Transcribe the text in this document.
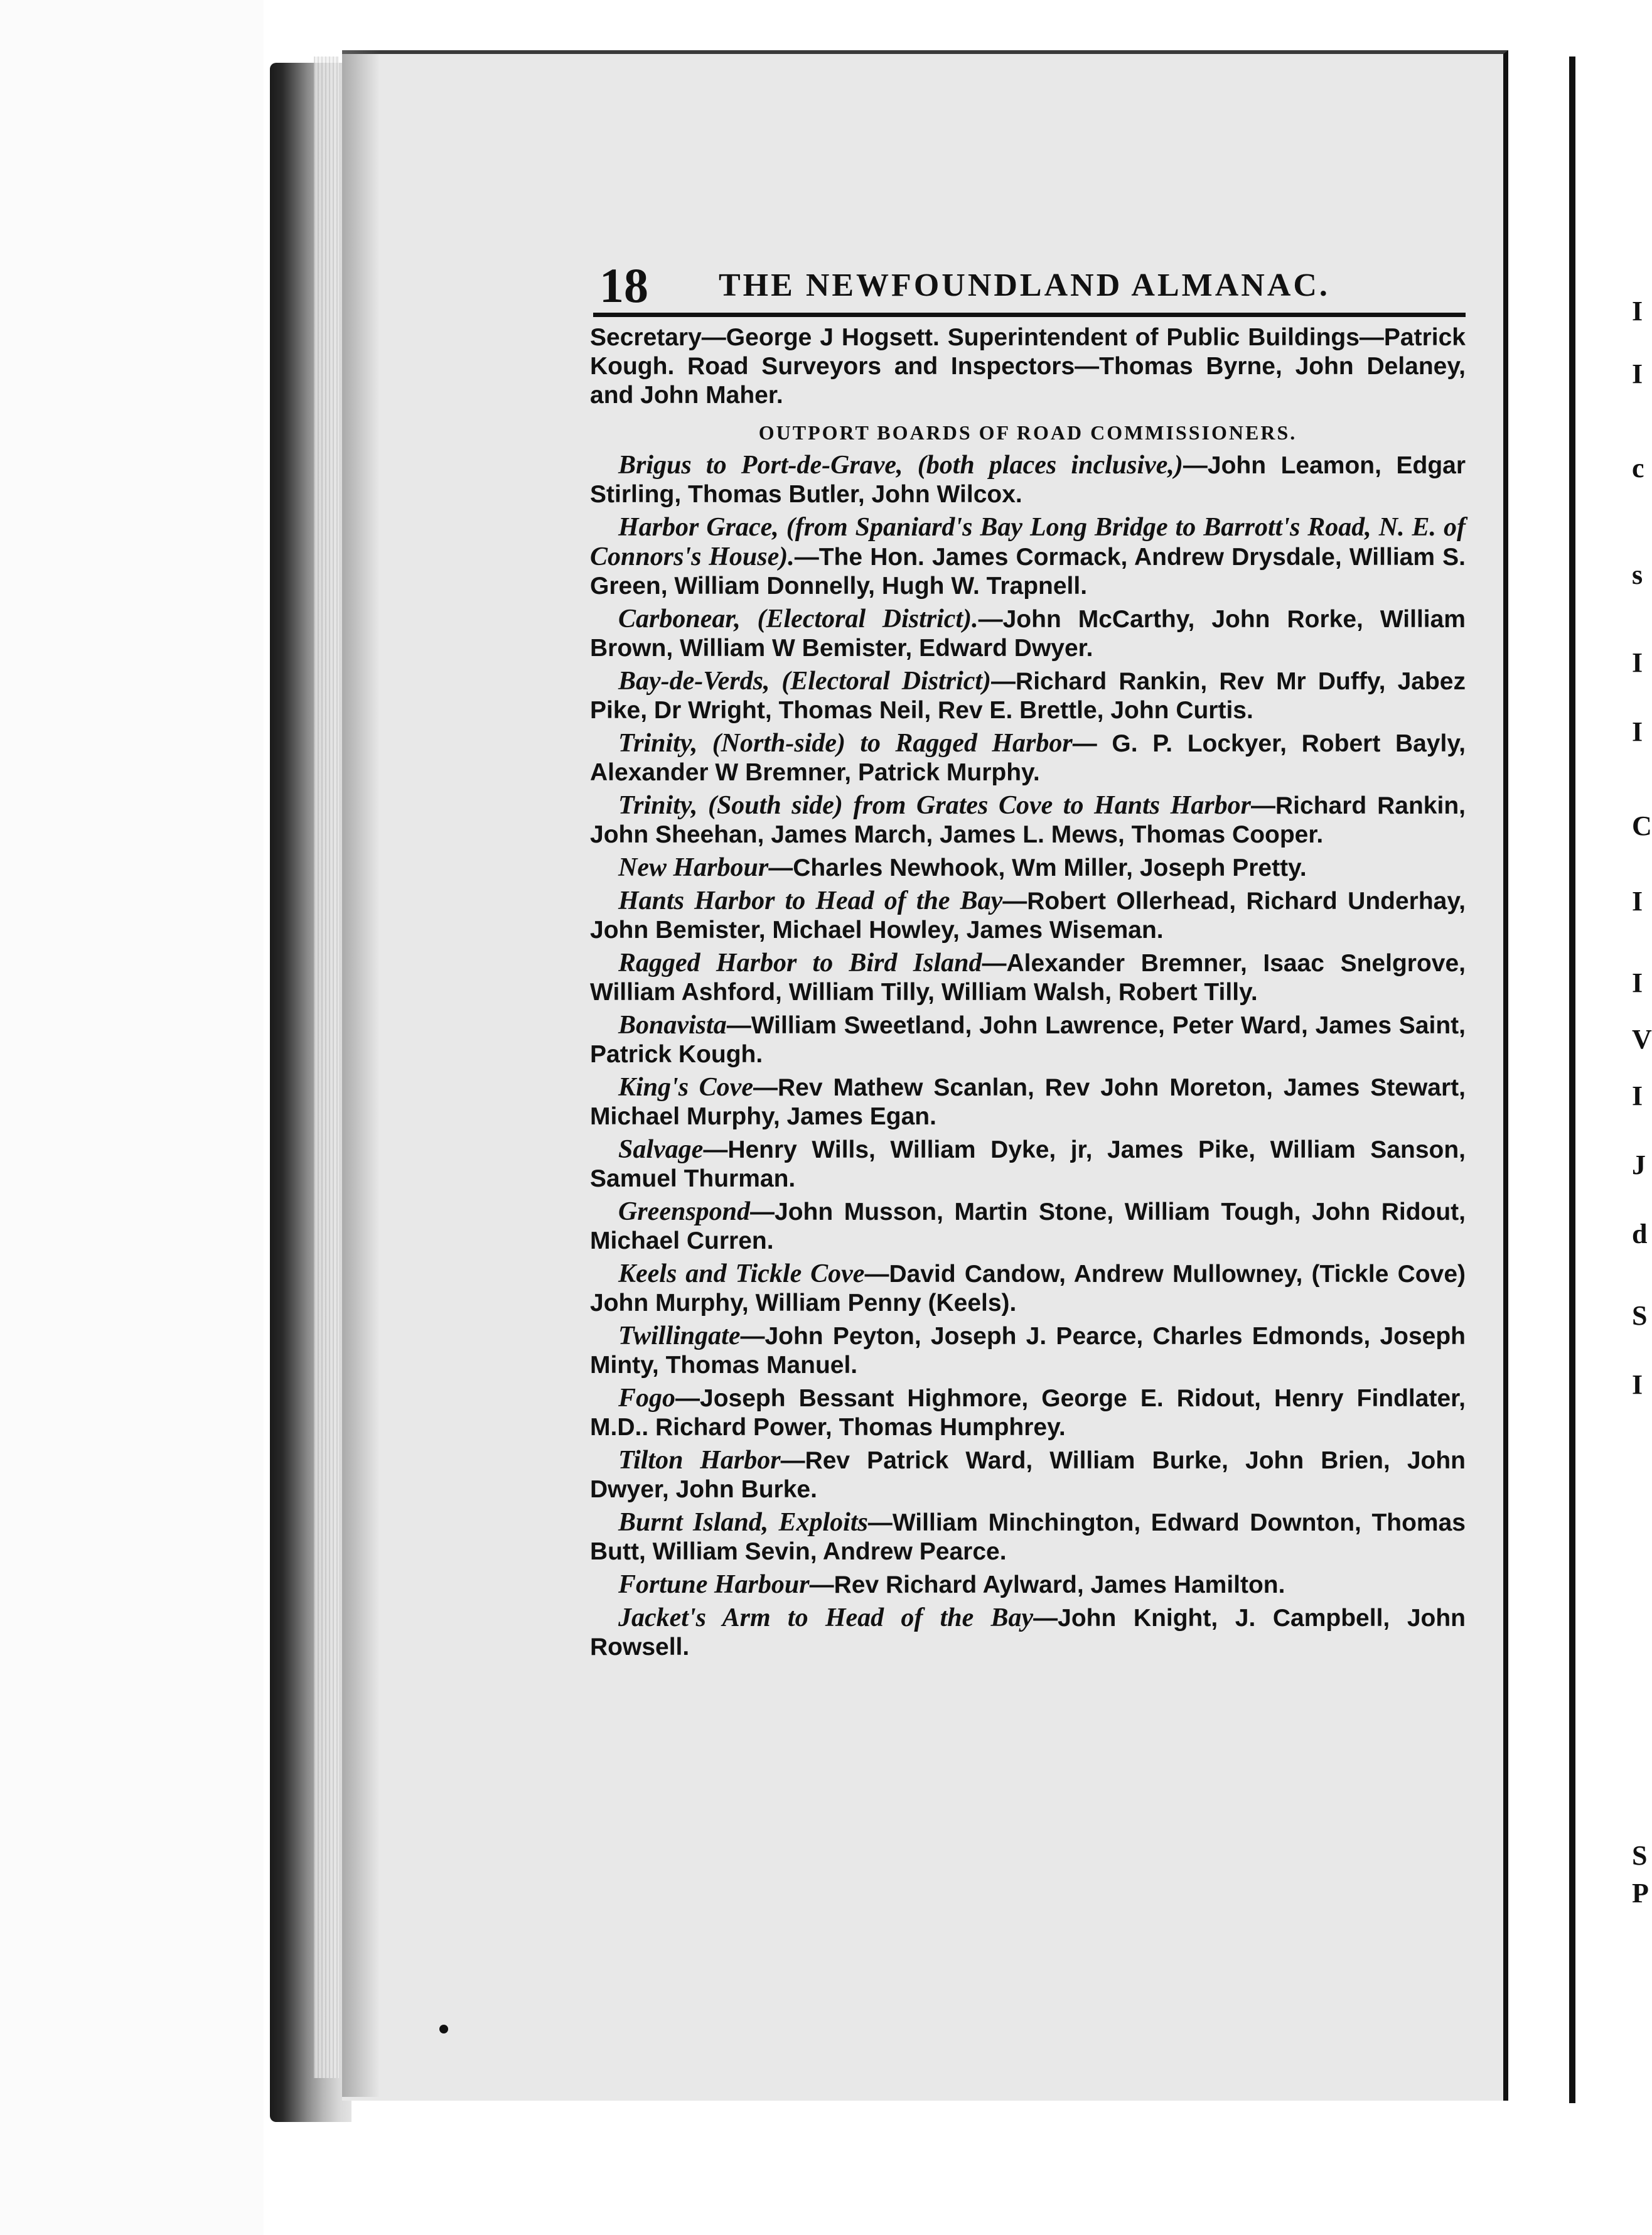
I
I
c
s
I
I
C
I
I
V
I
J
d
S
I
S
P
18 THE NEWFOUNDLAND ALMANAC.

Secretary—George J Hogsett. Superintendent of Public Buildings—Patrick Kough. Road Surveyors and Inspectors—Thomas Byrne, John Delaney, and John Maher.

OUTPORT BOARDS OF ROAD COMMISSIONERS.

Brigus to Port-de-Grave, (both places inclusive,)—John Leamon, Edgar Stirling, Thomas Butler, John Wilcox.

Harbor Grace, (from Spaniard's Bay Long Bridge to Barrott's Road, N. E. of Connors's House).—The Hon. James Cormack, Andrew Drysdale, William S. Green, William Donnelly, Hugh W. Trapnell.

Carbonear, (Electoral District).—John McCarthy, John Rorke, William Brown, William W Bemister, Edward Dwyer.

Bay-de-Verds, (Electoral District)—Richard Rankin, Rev Mr Duffy, Jabez Pike, Dr Wright, Thomas Neil, Rev E. Brettle, John Curtis.

Trinity, (North-side) to Ragged Harbor— G. P. Lockyer, Robert Bayly, Alexander W Bremner, Patrick Murphy.

Trinity, (South side) from Grates Cove to Hants Harbor—Richard Rankin, John Sheehan, James March, James L. Mews, Thomas Cooper.

New Harbour—Charles Newhook, Wm Miller, Joseph Pretty.

Hants Harbor to Head of the Bay—Robert Ollerhead, Richard Underhay, John Bemister, Michael Howley, James Wiseman.

Ragged Harbor to Bird Island—Alexander Bremner, Isaac Snelgrove, William Ashford, William Tilly, William Walsh, Robert Tilly.

Bonavista—William Sweetland, John Lawrence, Peter Ward, James Saint, Patrick Kough.

King's Cove—Rev Mathew Scanlan, Rev John Moreton, James Stewart, Michael Murphy, James Egan.

Salvage—Henry Wills, William Dyke, jr, James Pike, William Sanson, Samuel Thurman.

Greenspond—John Musson, Martin Stone, William Tough, John Ridout, Michael Curren.

Keels and Tickle Cove—David Candow, Andrew Mullowney, (Tickle Cove) John Murphy, William Penny (Keels).

Twillingate—John Peyton, Joseph J. Pearce, Charles Edmonds, Joseph Minty, Thomas Manuel.

Fogo—Joseph Bessant Highmore, George E. Ridout, Henry Findlater, M.D.. Richard Power, Thomas Humphrey.

Tilton Harbor—Rev Patrick Ward, William Burke, John Brien, John Dwyer, John Burke.

Burnt Island, Exploits—William Minchington, Edward Downton, Thomas Butt, William Sevin, Andrew Pearce.

Fortune Harbour—Rev Richard Aylward, James Hamilton.

Jacket's Arm to Head of the Bay—John Knight, J. Campbell, John Rowsell.
